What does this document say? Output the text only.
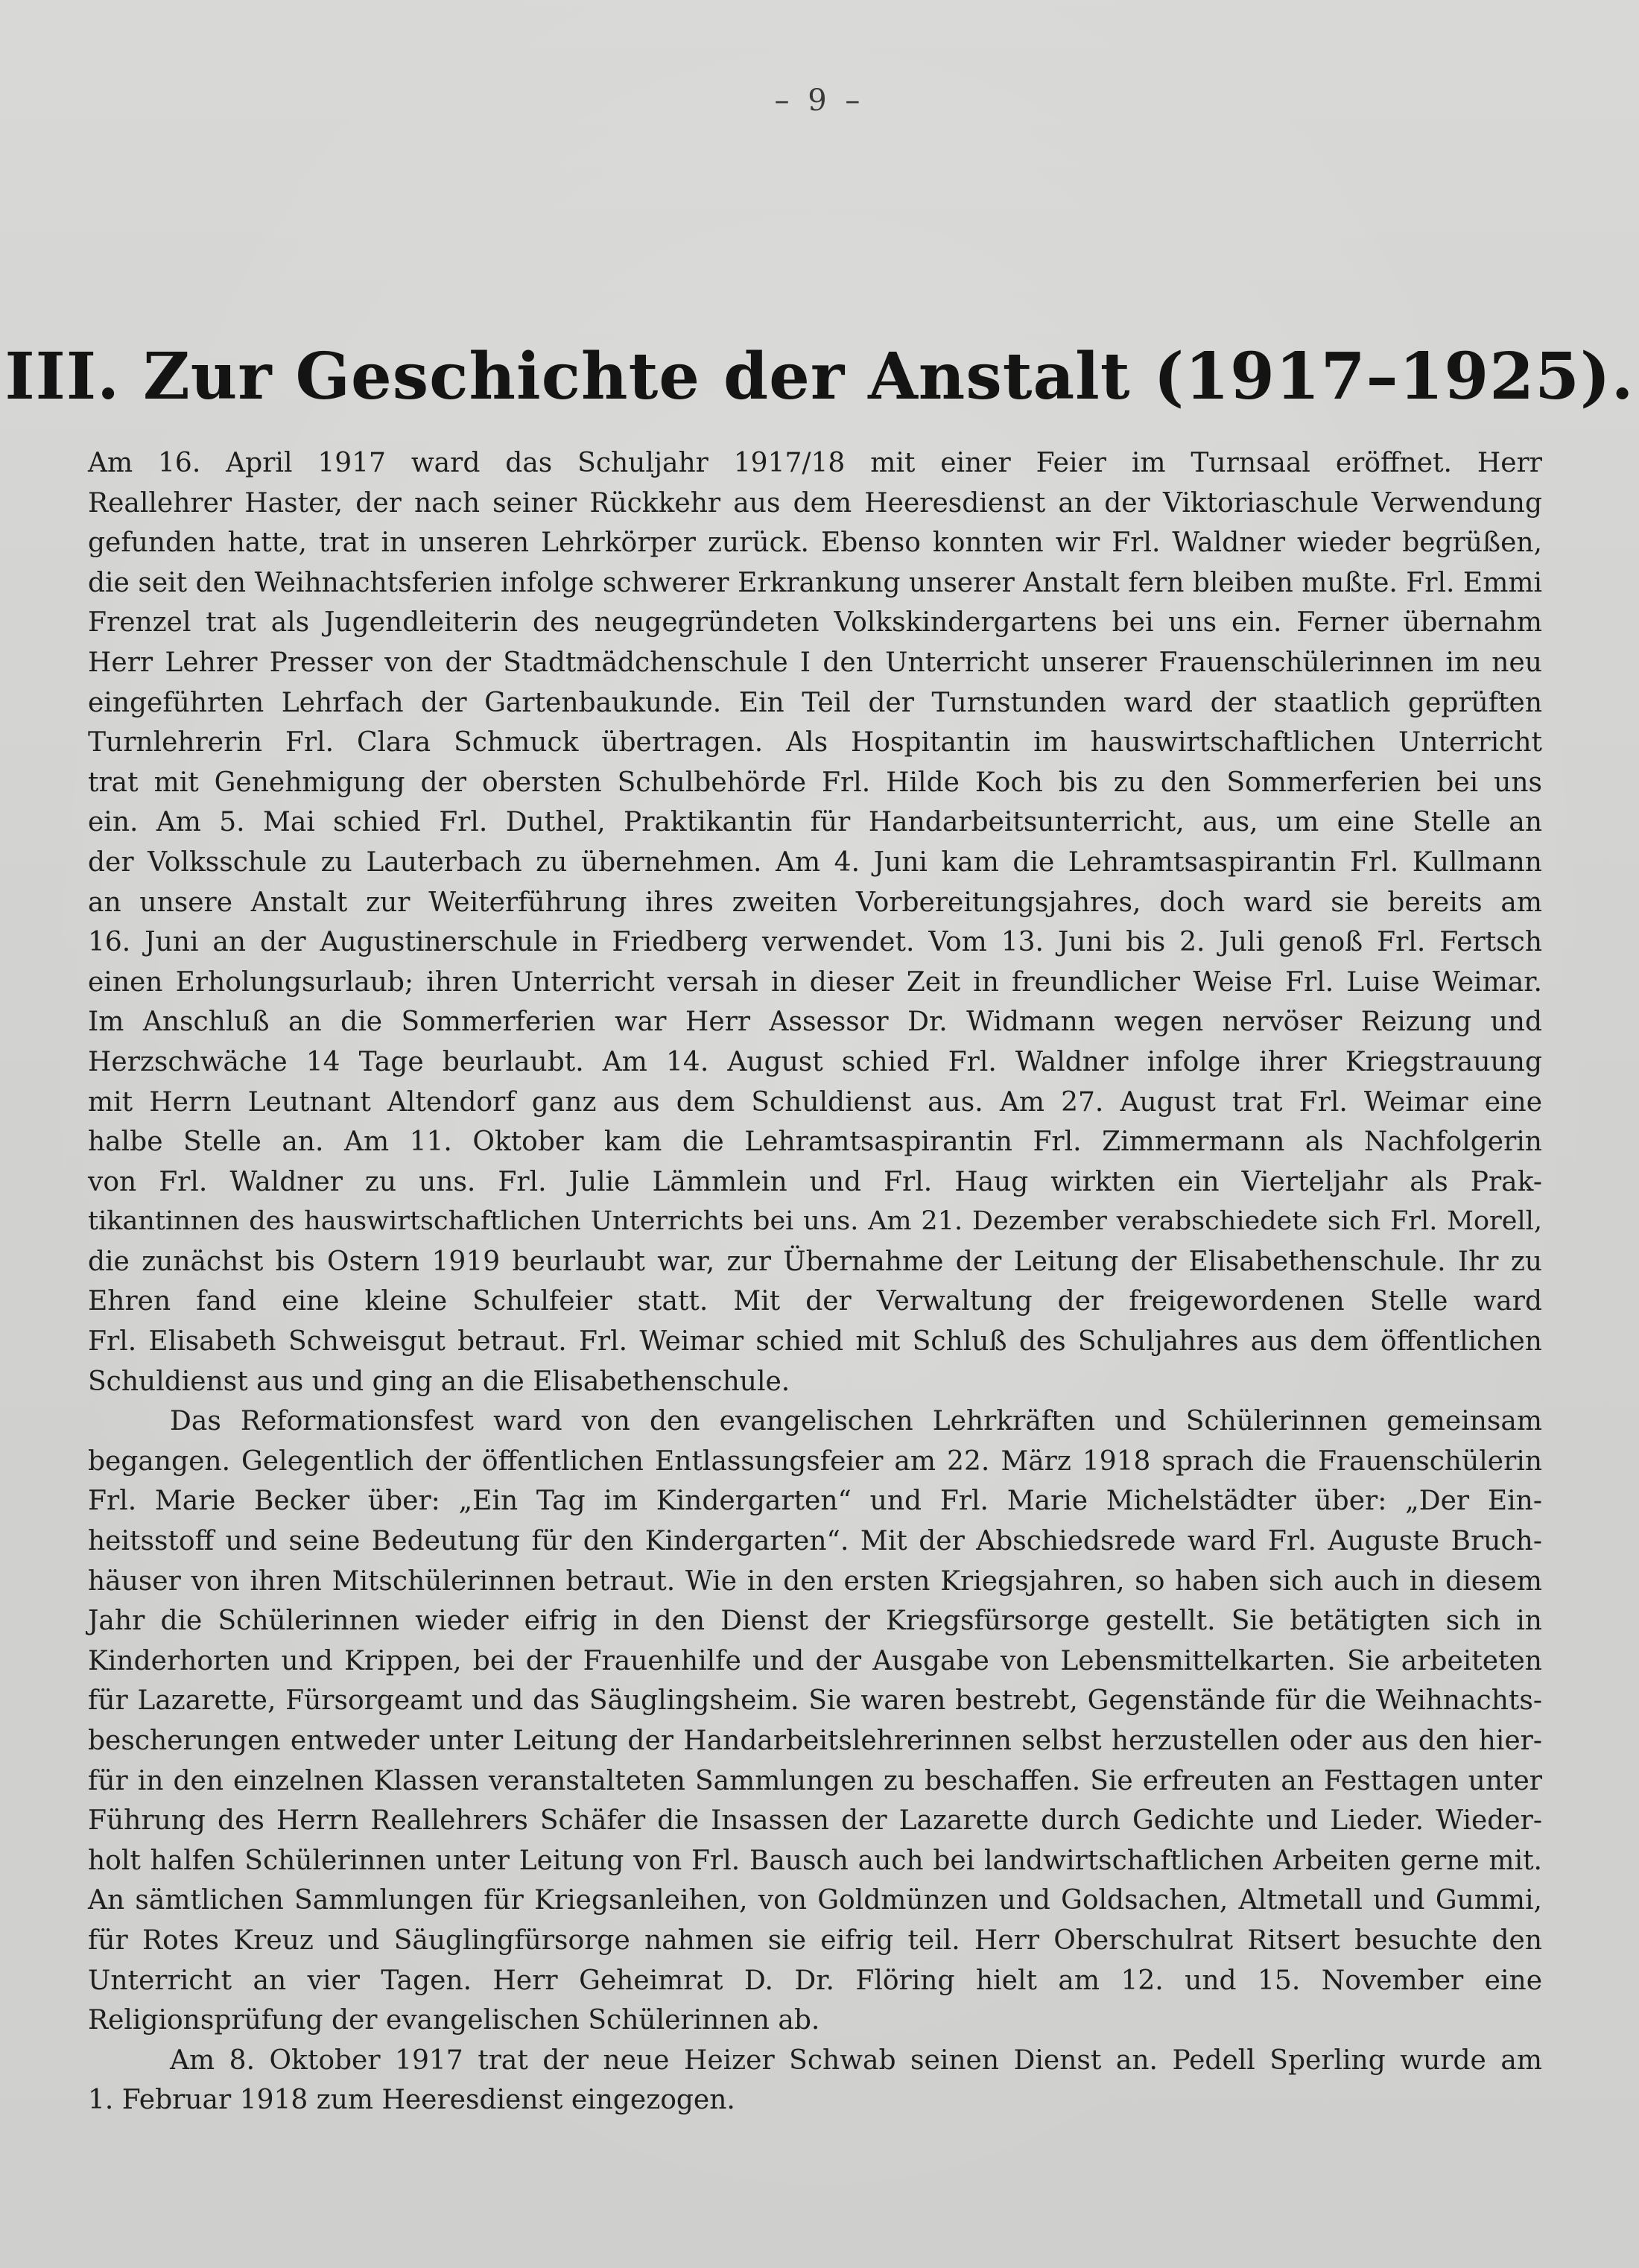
– 9 –
III. Zur Geschichte der Anstalt (1917–1925).
Am 16. April 1917 ward das Schuljahr 1917/18 mit einer Feier im Turnsaal eröffnet. Herr
Reallehrer Haster, der nach seiner Rückkehr aus dem Heeresdienst an der Viktoriaschule Verwendung
gefunden hatte, trat in unseren Lehrkörper zurück. Ebenso konnten wir Frl. Waldner wieder begrüßen,
die seit den Weihnachtsferien infolge schwerer Erkrankung unserer Anstalt fern bleiben mußte. Frl. Emmi
Frenzel trat als Jugendleiterin des neugegründeten Volkskindergartens bei uns ein. Ferner übernahm
Herr Lehrer Presser von der Stadtmädchenschule I den Unterricht unserer Frauenschülerinnen im neu
eingeführten Lehrfach der Gartenbaukunde. Ein Teil der Turnstunden ward der staatlich geprüften
Turnlehrerin Frl. Clara Schmuck übertragen. Als Hospitantin im hauswirtschaftlichen Unterricht
trat mit Genehmigung der obersten Schulbehörde Frl. Hilde Koch bis zu den Sommerferien bei uns
ein. Am 5. Mai schied Frl. Duthel, Praktikantin für Handarbeitsunterricht, aus, um eine Stelle an
der Volksschule zu Lauterbach zu übernehmen. Am 4. Juni kam die Lehramtsaspirantin Frl. Kullmann
an unsere Anstalt zur Weiterführung ihres zweiten Vorbereitungsjahres, doch ward sie bereits am
16. Juni an der Augustinerschule in Friedberg verwendet. Vom 13. Juni bis 2. Juli genoß Frl. Fertsch
einen Erholungsurlaub; ihren Unterricht versah in dieser Zeit in freundlicher Weise Frl. Luise Weimar.
Im Anschluß an die Sommerferien war Herr Assessor Dr. Widmann wegen nervöser Reizung und
Herzschwäche 14 Tage beurlaubt. Am 14. August schied Frl. Waldner infolge ihrer Kriegstrauung
mit Herrn Leutnant Altendorf ganz aus dem Schuldienst aus. Am 27. August trat Frl. Weimar eine
halbe Stelle an. Am 11. Oktober kam die Lehramtsaspirantin Frl. Zimmermann als Nachfolgerin
von Frl. Waldner zu uns. Frl. Julie Lämmlein und Frl. Haug wirkten ein Vierteljahr als Prak-
tikantinnen des hauswirtschaftlichen Unterrichts bei uns. Am 21. Dezember verabschiedete sich Frl. Morell,
die zunächst bis Ostern 1919 beurlaubt war, zur Übernahme der Leitung der Elisabethenschule. Ihr zu
Ehren fand eine kleine Schulfeier statt. Mit der Verwaltung der freigewordenen Stelle ward
Frl. Elisabeth Schweisgut betraut. Frl. Weimar schied mit Schluß des Schuljahres aus dem öffentlichen
Schuldienst aus und ging an die Elisabethenschule.
Das Reformationsfest ward von den evangelischen Lehrkräften und Schülerinnen gemeinsam
begangen. Gelegentlich der öffentlichen Entlassungsfeier am 22. März 1918 sprach die Frauenschülerin
Frl. Marie Becker über: „Ein Tag im Kindergarten“ und Frl. Marie Michelstädter über: „Der Ein-
heitsstoff und seine Bedeutung für den Kindergarten“. Mit der Abschiedsrede ward Frl. Auguste Bruch-
häuser von ihren Mitschülerinnen betraut. Wie in den ersten Kriegsjahren, so haben sich auch in diesem
Jahr die Schülerinnen wieder eifrig in den Dienst der Kriegsfürsorge gestellt. Sie betätigten sich in
Kinderhorten und Krippen, bei der Frauenhilfe und der Ausgabe von Lebensmittelkarten. Sie arbeiteten
für Lazarette, Fürsorgeamt und das Säuglingsheim. Sie waren bestrebt, Gegenstände für die Weihnachts-
bescherungen entweder unter Leitung der Handarbeitslehrerinnen selbst herzustellen oder aus den hier-
für in den einzelnen Klassen veranstalteten Sammlungen zu beschaffen. Sie erfreuten an Festtagen unter
Führung des Herrn Reallehrers Schäfer die Insassen der Lazarette durch Gedichte und Lieder. Wieder-
holt halfen Schülerinnen unter Leitung von Frl. Bausch auch bei landwirtschaftlichen Arbeiten gerne mit.
An sämtlichen Sammlungen für Kriegsanleihen, von Goldmünzen und Goldsachen, Altmetall und Gummi,
für Rotes Kreuz und Säuglingfürsorge nahmen sie eifrig teil. Herr Oberschulrat Ritsert besuchte den
Unterricht an vier Tagen. Herr Geheimrat D. Dr. Flöring hielt am 12. und 15. November eine
Religionsprüfung der evangelischen Schülerinnen ab.
Am 8. Oktober 1917 trat der neue Heizer Schwab seinen Dienst an. Pedell Sperling wurde am
1. Februar 1918 zum Heeresdienst eingezogen.
